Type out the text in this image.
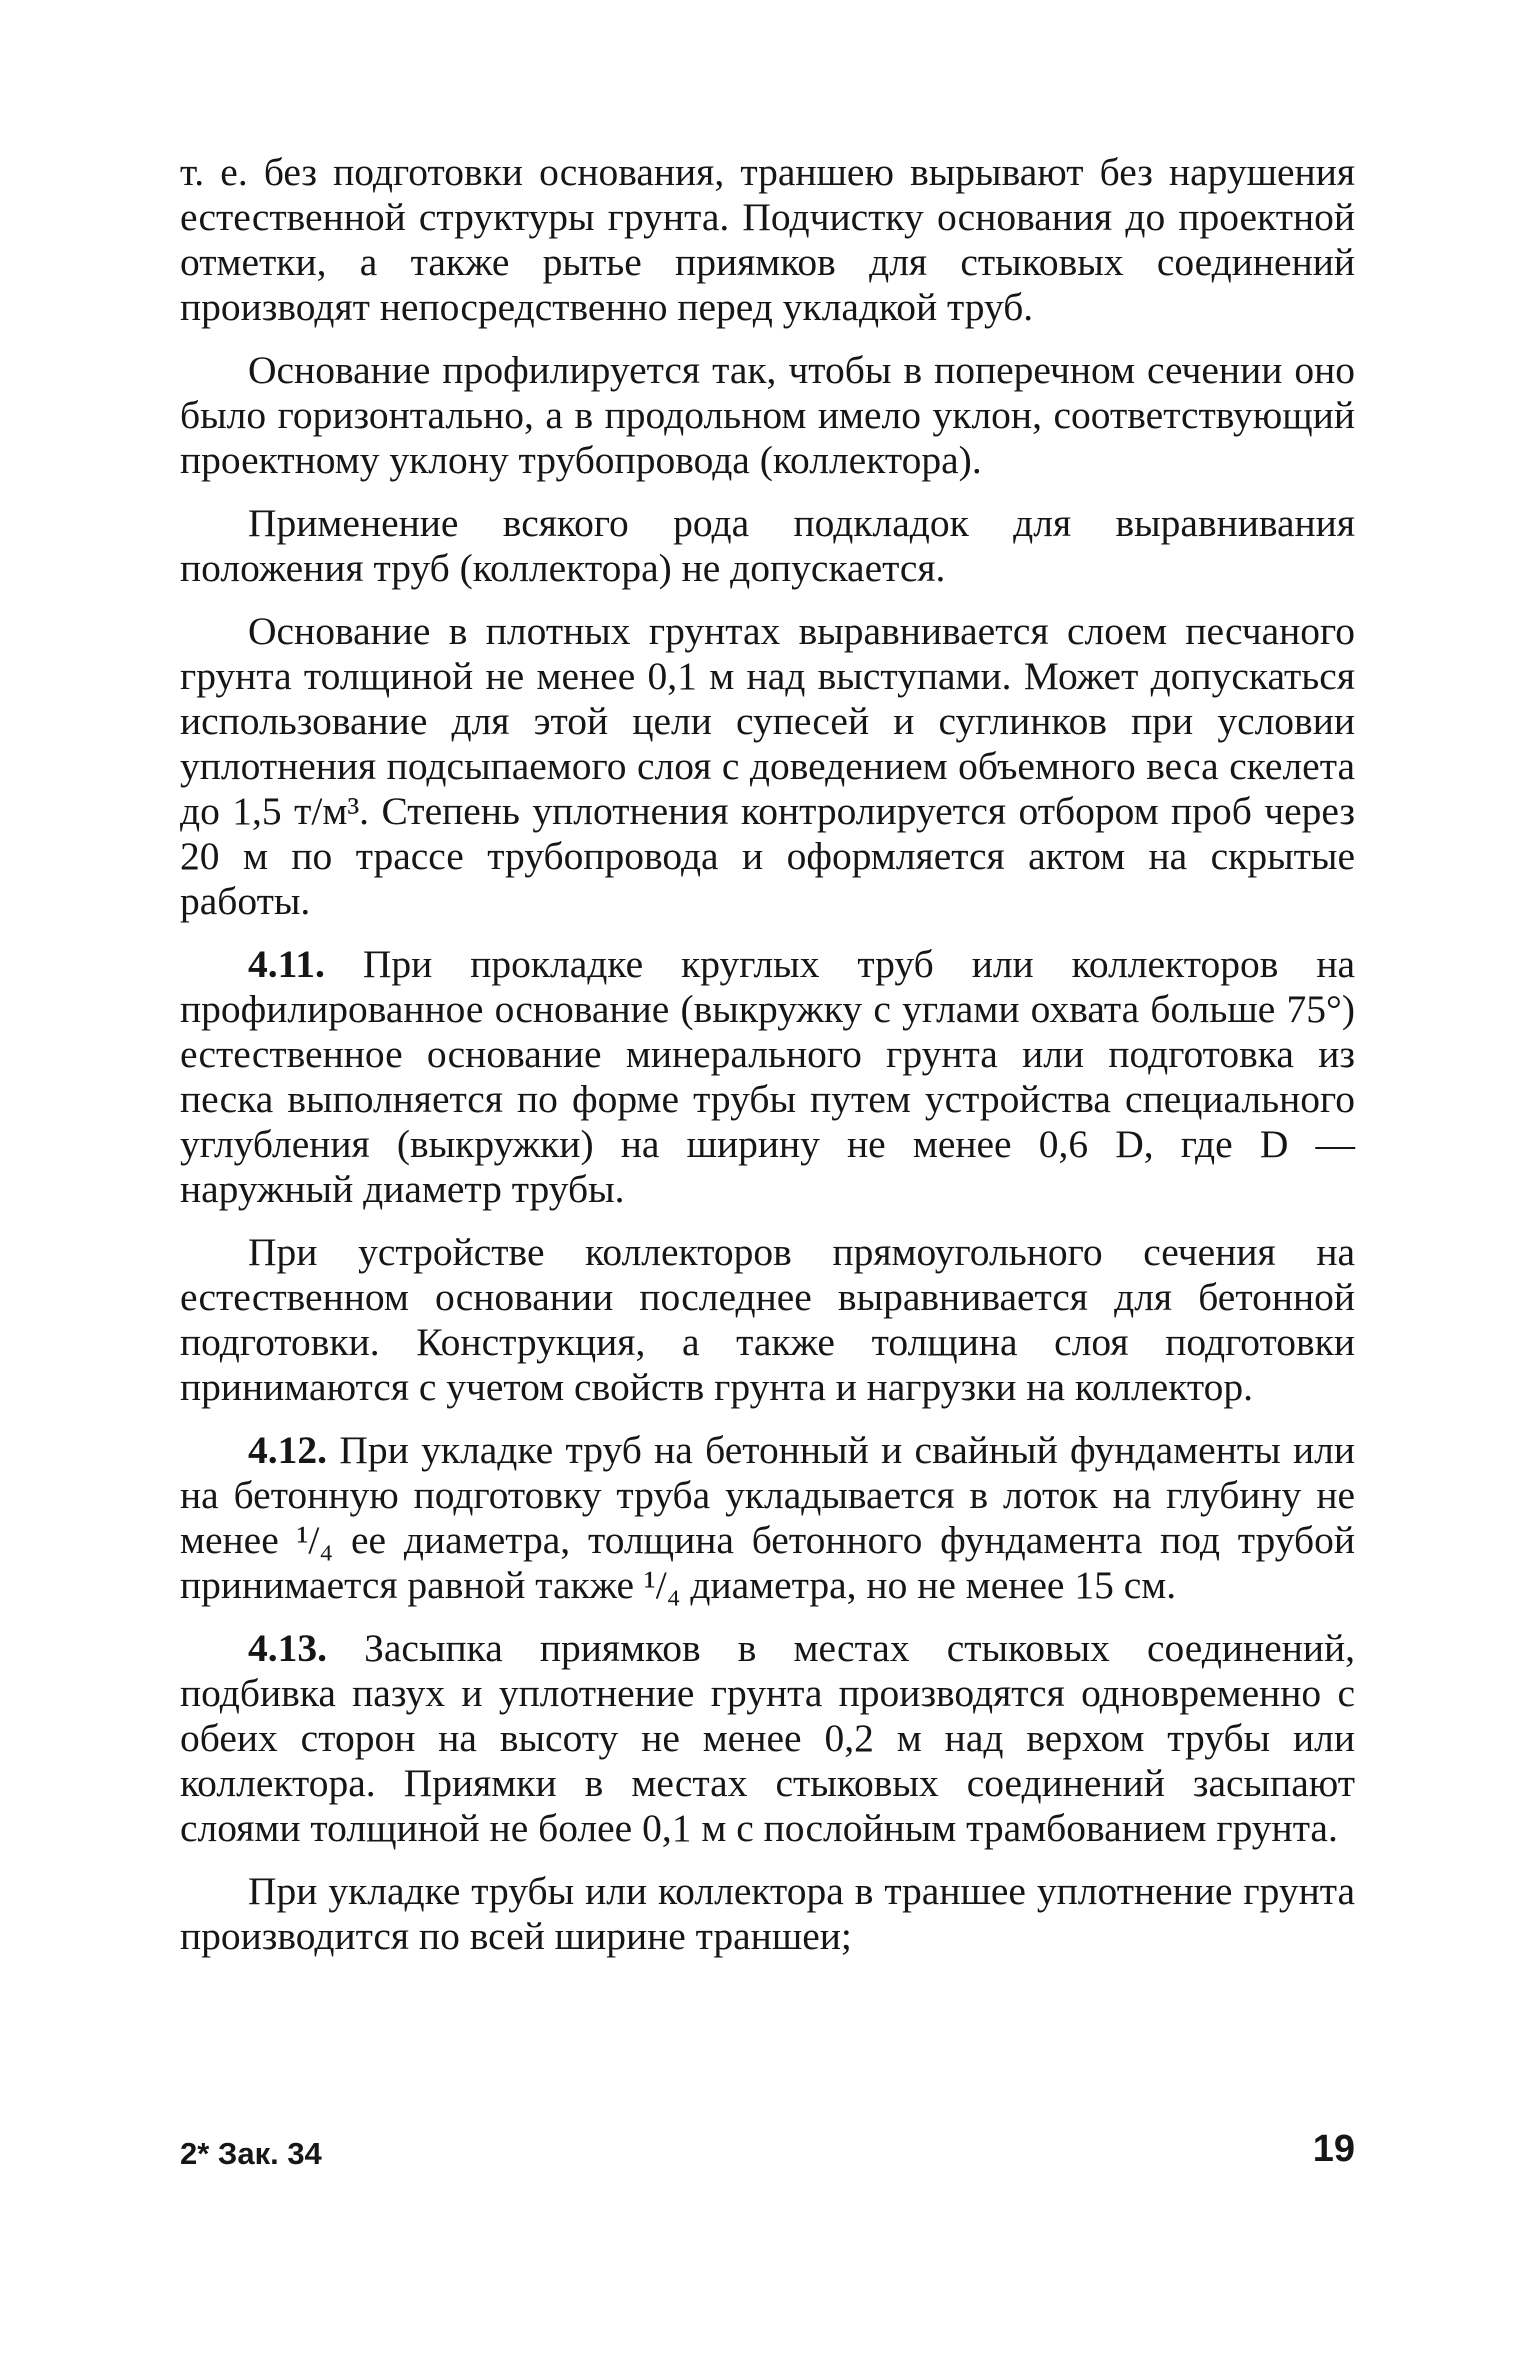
т. е. без подготовки основания, траншею вырывают без нарушения естественной структуры грунта. Подчистку основания до проектной отметки, а также рытье приямков для стыковых соединений производят непосредственно перед укладкой труб.

Основание профилируется так, чтобы в поперечном сечении оно было горизонтально, а в продольном имело уклон, соответствующий проектному уклону трубопровода (коллектора).

Применение всякого рода подкладок для выравнивания положения труб (коллектора) не допускается.

Основание в плотных грунтах выравнивается слоем песчаного грунта толщиной не менее 0,1 м над выступами. Может допускаться использование для этой цели супесей и суглинков при условии уплотнения подсыпаемого слоя с доведением объемного веса скелета до 1,5 т/м³. Степень уплотнения контролируется отбором проб через 20 м по трассе трубопровода и оформляется актом на скрытые работы.

4.11. При прокладке круглых труб или коллекторов на профилированное основание (выкружку с углами охвата больше 75°) естественное основание минерального грунта или подготовка из песка выполняется по форме трубы путем устройства специального углубления (выкружки) на ширину не менее 0,6 D, где D — наружный диаметр трубы.

При устройстве коллекторов прямоугольного сечения на естественном основании последнее выравнивается для бетонной подготовки. Конструкция, а также толщина слоя подготовки принимаются с учетом свойств грунта и нагрузки на коллектор.

4.12. При укладке труб на бетонный и свайный фундаменты или на бетонную подготовку труба укладывается в лоток на глубину не менее ¹/₄ ее диаметра, толщина бетонного фундамента под трубой принимается равной также ¹/₄ диаметра, но не менее 15 см.

4.13. Засыпка приямков в местах стыковых соединений, подбивка пазух и уплотнение грунта производятся одновременно с обеих сторон на высоту не менее 0,2 м над верхом трубы или коллектора. Приямки в местах стыковых соединений засыпают слоями толщиной не более 0,1 м с послойным трамбованием грунта.

При укладке трубы или коллектора в траншее уплотнение грунта производится по всей ширине траншеи;

2* Зак. 34	19
